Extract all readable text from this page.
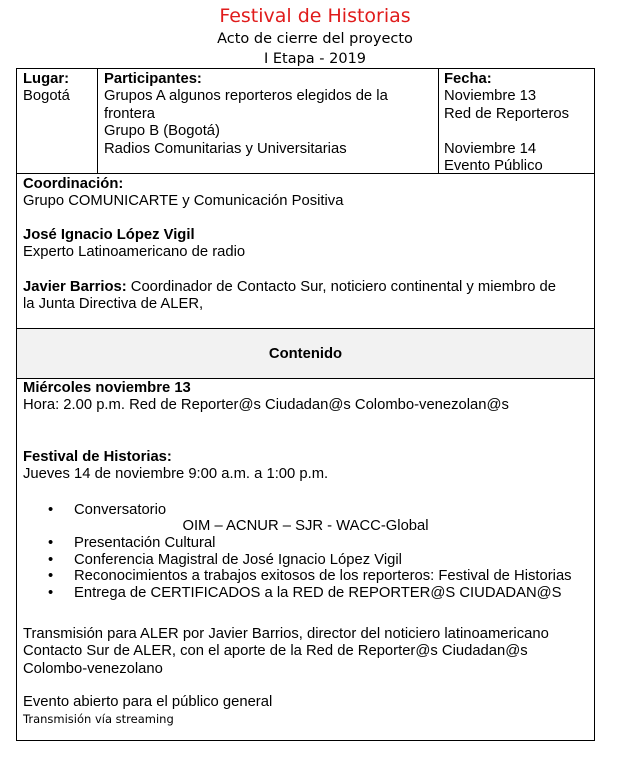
Festival de Historias
Acto de cierre del proyecto
I Etapa - 2019
Lugar:
Bogotá
Participantes:
Grupos A algunos reporteros elegidos de la
frontera
Grupo B (Bogotá)
Radios Comunitarias y Universitarias
Fecha:
Noviembre 13
Red de Reporteros
Noviembre 14
Evento Público
Coordinación:
Grupo COMUNICARTE y Comunicación Positiva
José Ignacio López Vigil
Experto Latinoamericano de radio
Javier Barrios: Coordinador de Contacto Sur, noticiero continental y miembro de
la Junta Directiva de ALER,
Contenido
Miércoles noviembre 13
Hora: 2.00 p.m. Red de Reporter@s Ciudadan@s Colombo-venezolan@s
Festival de Historias:
Jueves 14 de noviembre 9:00 a.m. a 1:00 p.m.
• Conversatorio
• Presentación Cultural
• Conferencia Magistral de José Ignacio López Vigil
• Reconocimientos a trabajos exitosos de los reporteros: Festival de Historias
• Entrega de CERTIFICADOS a la RED de REPORTER@S CIUDADAN@S
OIM – ACNUR – SJR - WACC-Global
Transmisión para ALER por Javier Barrios, director del noticiero latinoamericano
Contacto Sur de ALER, con el aporte de la Red de Reporter@s Ciudadan@s
Colombo-venezolano
Evento abierto para el público general
Transmisión vía streaming
